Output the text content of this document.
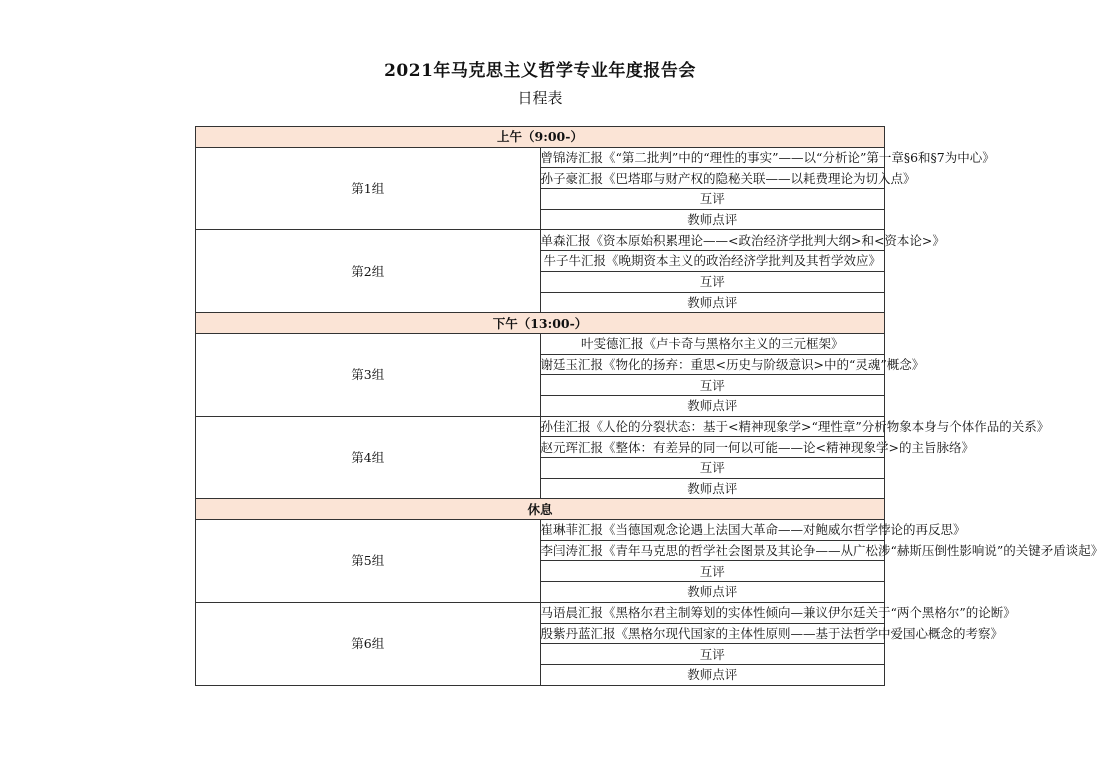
2021年马克思主义哲学专业年度报告会
日程表
上午（9:00-）	
第1组	曾锦涛汇报《“第二批判”中的“理性的事实”——以“分析论”第一章§6和§7为中心》
	孙子豪汇报《巴塔耶与财产权的隐秘关联——以耗费理论为切入点》
	互评
	教师点评
第2组	单森汇报《资本原始积累理论——<政治经济学批判大纲>和<资本论>》
	牛子牛汇报《晚期资本主义的政治经济学批判及其哲学效应》
	互评
	教师点评
下午（13:00-）	
第3组	叶雯德汇报《卢卡奇与黑格尔主义的三元框架》
	谢廷玉汇报《物化的扬弃：重思<历史与阶级意识>中的“灵魂”概念》
	互评
	教师点评
第4组	孙佳汇报《人伦的分裂状态：基于<精神现象学>“理性章”分析物象本身与个体作品的关系》
	赵元珲汇报《整体：有差异的同一何以可能——论<精神现象学>的主旨脉络》
	互评
	教师点评
休息	
第5组	崔琳菲汇报《当德国观念论遇上法国大革命——对鲍威尔哲学悖论的再反思》
	李闫涛汇报《青年马克思的哲学社会图景及其论争——从广松涉“赫斯压倒性影响说”的关键矛盾谈起》
	互评
	教师点评
第6组	马语晨汇报《黑格尔君主制筹划的实体性倾向—兼议伊尔廷关于“两个黑格尔”的论断》
	殷紫丹蓝汇报《黑格尔现代国家的主体性原则——基于法哲学中爱国心概念的考察》
	互评
	教师点评
